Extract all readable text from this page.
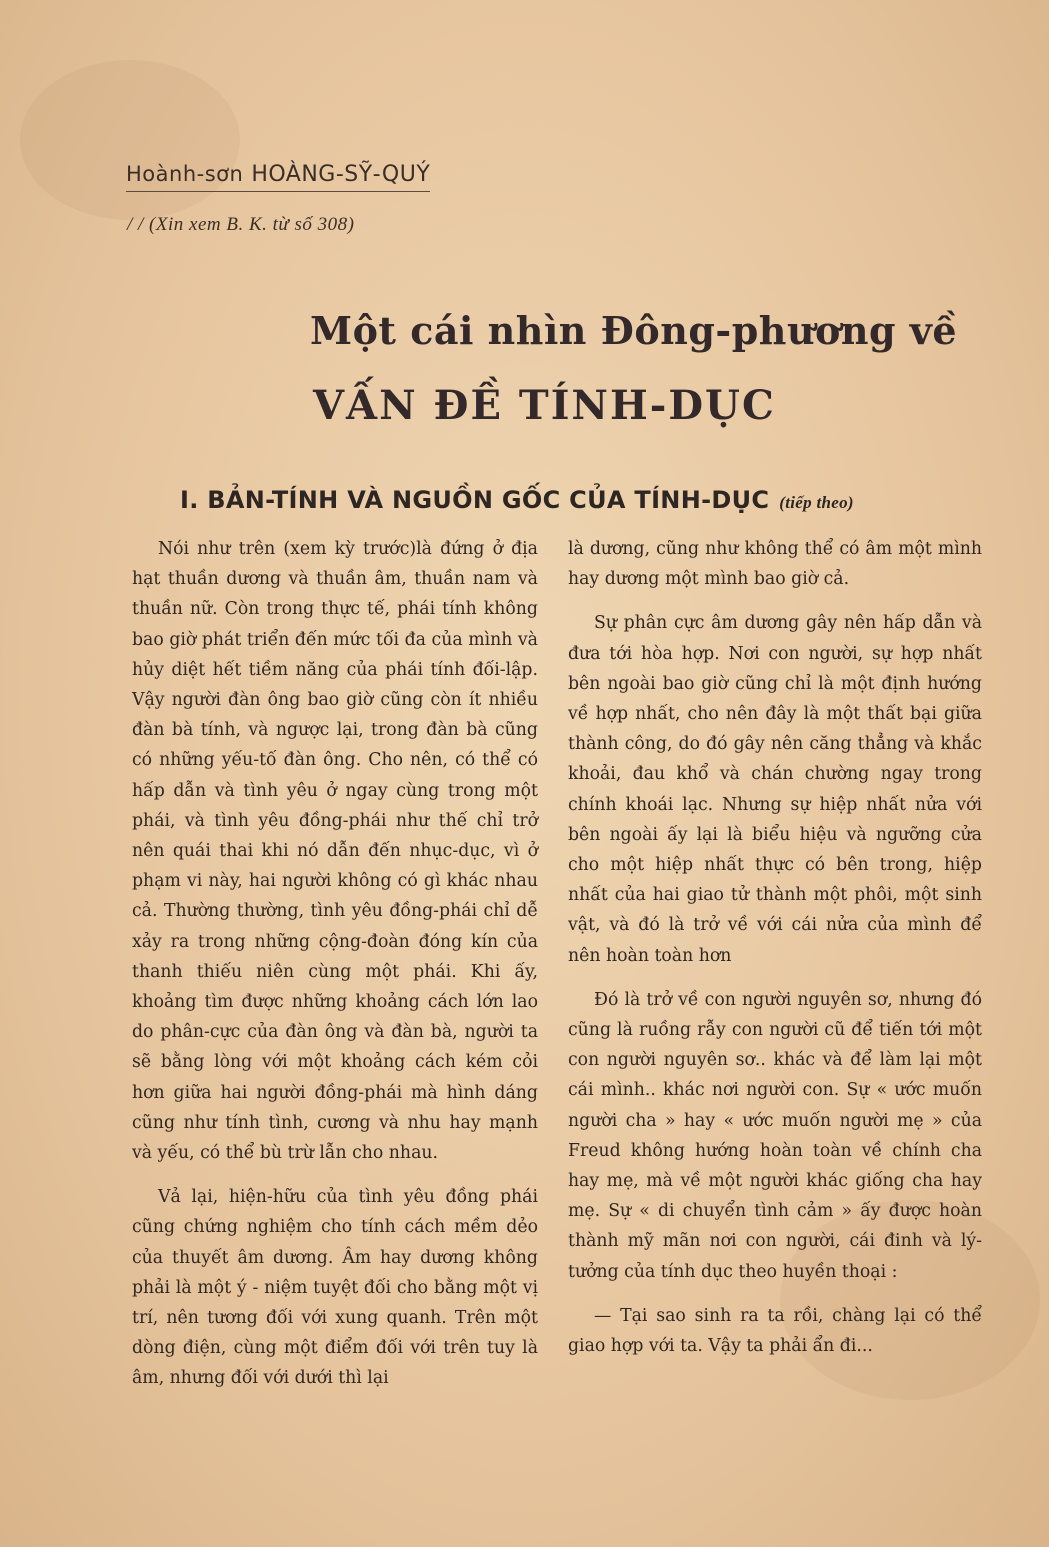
Hoành-sơn HOÀNG-SỸ-QUÝ
/ / (Xin xem B. K. từ số 308)
Một cái nhìn Đông-phương về
VẤN ĐỀ TÍNH-DỤC
I. BẢN-TÍNH VÀ NGUỒN GỐC CỦA TÍNH-DỤC (tiếp theo)

Nói như trên (xem kỳ trước)là đứng ở địa hạt thuần dương và thuần âm, thuần nam và thuần nữ. Còn trong thực tế, phái tính không bao giờ phát triển đến mức tối đa của mình và hủy diệt hết tiềm năng của phái tính đối-lập. Vậy người đàn ông bao giờ cũng còn ít nhiều đàn bà tính, và ngược lại, trong đàn bà cũng có những yếu-tố đàn ông. Cho nên, có thể có hấp dẫn và tình yêu ở ngay cùng trong một phái, và tình yêu đồng-phái như thế chỉ trở nên quái thai khi nó dẫn đến nhục-dục, vì ở phạm vi này, hai người không có gì khác nhau cả. Thường thường, tình yêu đồng-phái chỉ dễ xảy ra trong những cộng-đoàn đóng kín của thanh thiếu niên cùng một phái. Khi ấy, khoảng tìm được những khoảng cách lớn lao do phân-cực của đàn ông và đàn bà, người ta sẽ bằng lòng với một khoảng cách kém cỏi hơn giữa hai người đồng-phái mà hình dáng cũng như tính tình, cương và nhu hay mạnh và yếu, có thể bù trừ lẫn cho nhau.

Vả lại, hiện-hữu của tình yêu đồng phái cũng chứng nghiệm cho tính cách mềm dẻo của thuyết âm dương. Âm hay dương không phải là một ý - niệm tuyệt đối cho bằng một vị trí, nên tương đối với xung quanh. Trên một dòng điện, cùng một điểm đối với trên tuy là âm, nhưng đối với dưới thì lại

là dương, cũng như không thể có âm một mình hay dương một mình bao giờ cả.

Sự phân cực âm dương gây nên hấp dẫn và đưa tới hòa hợp. Nơi con người, sự hợp nhất bên ngoài bao giờ cũng chỉ là một định hướng về hợp nhất, cho nên đây là một thất bại giữa thành công, do đó gây nên căng thẳng và khắc khoải, đau khổ và chán chường ngay trong chính khoái lạc. Nhưng sự hiệp nhất nửa với bên ngoài ấy lại là biểu hiệu và ngưỡng cửa cho một hiệp nhất thực có bên trong, hiệp nhất của hai giao tử thành một phôi, một sinh vật, và đó là trở về với cái nửa của mình để nên hoàn toàn hơn

Đó là trở về con người nguyên sơ, nhưng đó cũng là ruồng rẫy con người cũ để tiến tới một con người nguyên sơ.. khác và để làm lại một cái mình.. khác nơi người con. Sự « ước muốn người cha » hay « ước muốn người mẹ » của Freud không hướng hoàn toàn về chính cha hay mẹ, mà về một người khác giống cha hay mẹ. Sự « di chuyển tình cảm » ấy được hoàn thành mỹ mãn nơi con người, cái đinh và lý-tưởng của tính dục theo huyền thoại :

— Tại sao sinh ra ta rồi, chàng lại có thể giao hợp với ta. Vậy ta phải ẩn đi...
